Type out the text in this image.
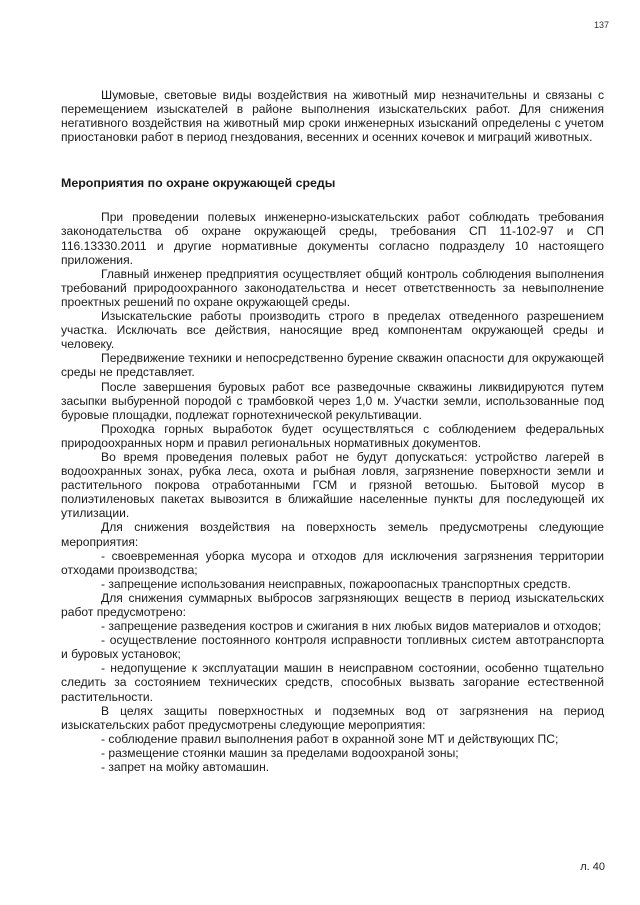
137

Шумовые, световые виды воздействия на животный мир незначительны и связаны с перемещением изыскателей в районе выполнения изыскательских работ. Для снижения негативного воздействия на животный мир сроки инженерных изысканий определены с учетом приостановки работ в период гнездования, весенних и осенних кочевок и миграций животных.

Мероприятия по охране окружающей среды

При проведении полевых инженерно-изыскательских работ соблюдать требования законодательства об охране окружающей среды, требования СП 11-102-97 и СП 116.13330.2011 и другие нормативные документы согласно подразделу 10 настоящего приложения.

Главный инженер предприятия осуществляет общий контроль соблюдения выполнения требований природоохранного законодательства и несет ответственность за невыполнение проектных решений по охране окружающей среды.

Изыскательские работы производить строго в пределах отведенного разрешением участка. Исключать все действия, наносящие вред компонентам окружающей среды и человеку.

Передвижение техники и непосредственно бурение скважин опасности для окружающей среды не представляет.

После завершения буровых работ все разведочные скважины ликвидируются путем засыпки выбуренной породой с трамбовкой через 1,0 м. Участки земли, использованные под буровые площадки, подлежат горнотехнической рекультивации.

Проходка горных выработок будет осуществляться с соблюдением федеральных природоохранных норм и правил региональных нормативных документов.

Во время проведения полевых работ не будут допускаться: устройство лагерей в водоохранных зонах, рубка леса, охота и рыбная ловля, загрязнение поверхности земли и растительного покрова отработанными ГСМ и грязной ветошью. Бытовой мусор в полиэтиленовых пакетах вывозится в ближайшие населенные пункты для последующей их утилизации.

Для снижения воздействия на поверхность земель предусмотрены следующие мероприятия:

- своевременная уборка мусора и отходов для исключения загрязнения территории отходами производства;

- запрещение использования неисправных, пожароопасных транспортных средств.

Для снижения суммарных выбросов загрязняющих веществ в период изыскательских работ предусмотрено:

- запрещение разведения костров и сжигания в них любых видов материалов и отходов;

- осуществление постоянного контроля исправности топливных систем автотранспорта и буровых установок;

- недопущение к эксплуатации машин в неисправном состоянии, особенно тщательно следить за состоянием технических средств, способных вызвать загорание естественной растительности.

В целях защиты поверхностных и подземных вод от загрязнения на период изыскательских работ предусмотрены следующие мероприятия:

- соблюдение правил выполнения работ в охранной зоне МТ и действующих ПС;

- размещение стоянки машин за пределами водоохраной зоны;

- запрет на мойку автомашин.

л. 40
